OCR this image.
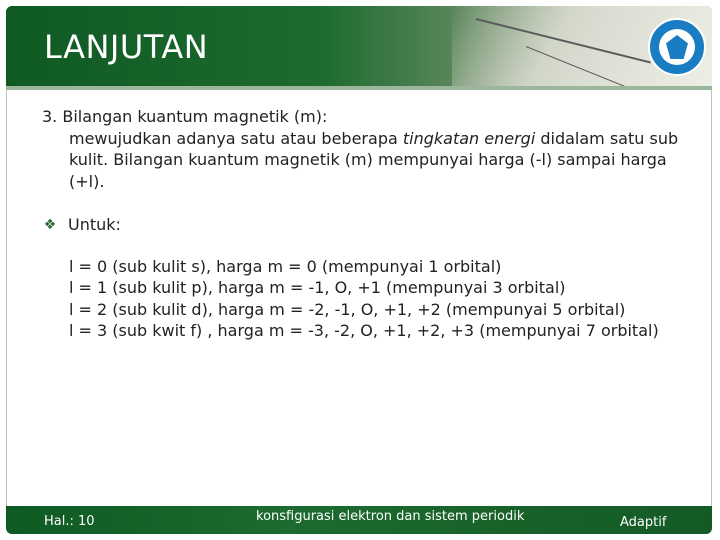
LANJUTAN

3. Bilangan kuantum magnetik (m):

mewujudkan adanya satu atau beberapa tingkatan energi didalam satu sub kulit. Bilangan kuantum magnetik (m) mempunyai harga (-l) sampai harga (+l).

❖ Untuk:

l = 0 (sub kulit s), harga m = 0 (mempunyai 1 orbital)

l = 1 (sub kulit p), harga m = -1, O, +1 (mempunyai 3 orbital)

l = 2 (sub kulit d), harga m = -2, -1, O, +1, +2 (mempunyai 5 orbital)

l = 3 (sub kwit f) , harga m = -3, -2, O, +1, +2, +3 (mempunyai 7 orbital)

Hal.: 10	konsfigurasi elektron dan sistem periodik	Adaptif
